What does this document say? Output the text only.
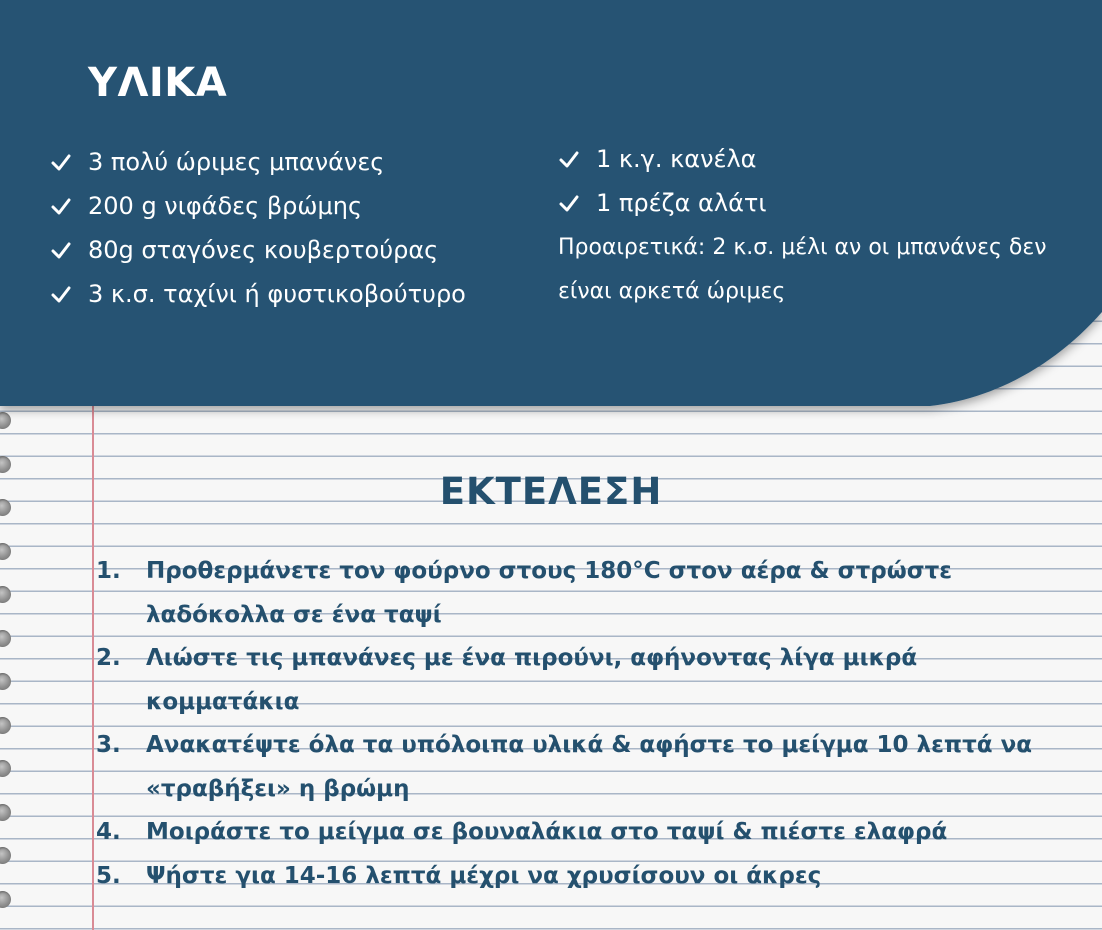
ΥΛΙΚΑ
3 πολύ ώριμες μπανάνες
200 g νιφάδες βρώμης
80g σταγόνες κουβερτούρας
3 κ.σ. ταχίνι ή φυστικοβούτυρο
1 κ.γ. κανέλα
1 πρέζα αλάτι
Προαιρετικά: 2 κ.σ. μέλι αν οι μπανάνες δεν είναι αρκετά ώριμες
ΕΚΤΕΛΕΣΗ
1.	Προθερμάνετε τον φούρνο στους 180°C στον αέρα & στρώστε λαδόκολλα σε ένα ταψί
2.	Λιώστε τις μπανάνες με ένα πιρούνι, αφήνοντας λίγα μικρά κομματάκια
3.	Ανακατέψτε όλα τα υπόλοιπα υλικά & αφήστε το μείγμα 10 λεπτά να «τραβήξει» η βρώμη
4.	Μοιράστε το μείγμα σε βουναλάκια στο ταψί & πιέστε ελαφρά
5.	Ψήστε για 14-16 λεπτά μέχρι να χρυσίσουν οι άκρες
